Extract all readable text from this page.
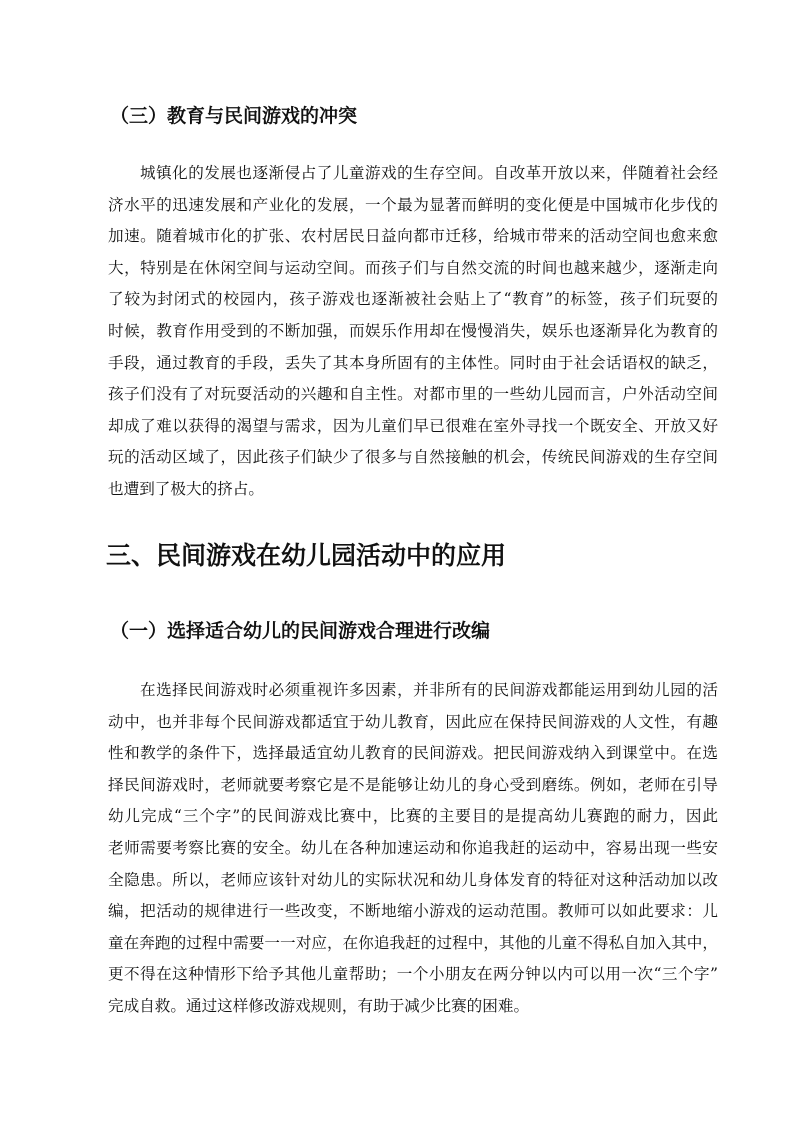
（三）教育与民间游戏的冲突
城镇化的发展也逐渐侵占了儿童游戏的生存空间。自改革开放以来，伴随着社会经
济水平的迅速发展和产业化的发展，一个最为显著而鲜明的变化便是中国城市化步伐的
加速。随着城市化的扩张、农村居民日益向都市迁移，给城市带来的活动空间也愈来愈
大，特别是在休闲空间与运动空间。而孩子们与自然交流的时间也越来越少，逐渐走向
了较为封闭式的校园内，孩子游戏也逐渐被社会贴上了“教育”的标签，孩子们玩耍的
时候，教育作用受到的不断加强，而娱乐作用却在慢慢消失，娱乐也逐渐异化为教育的
手段，通过教育的手段，丢失了其本身所固有的主体性。同时由于社会话语权的缺乏，
孩子们没有了对玩耍活动的兴趣和自主性。对都市里的一些幼儿园而言，户外活动空间
却成了难以获得的渴望与需求，因为儿童们早已很难在室外寻找一个既安全、开放又好
玩的活动区域了，因此孩子们缺少了很多与自然接触的机会，传统民间游戏的生存空间
也遭到了极大的挤占。
三、民间游戏在幼儿园活动中的应用
（一）选择适合幼儿的民间游戏合理进行改编
在选择民间游戏时必须重视许多因素，并非所有的民间游戏都能运用到幼儿园的活
动中，也并非每个民间游戏都适宜于幼儿教育，因此应在保持民间游戏的人文性，有趣
性和教学的条件下，选择最适宜幼儿教育的民间游戏。把民间游戏纳入到课堂中。在选
择民间游戏时，老师就要考察它是不是能够让幼儿的身心受到磨练。例如，老师在引导
幼儿完成“三个字”的民间游戏比赛中，比赛的主要目的是提高幼儿赛跑的耐力，因此
老师需要考察比赛的安全。幼儿在各种加速运动和你追我赶的运动中，容易出现一些安
全隐患。所以，老师应该针对幼儿的实际状况和幼儿身体发育的特征对这种活动加以改
编，把活动的规律进行一些改变，不断地缩小游戏的运动范围。教师可以如此要求：儿
童在奔跑的过程中需要一一对应，在你追我赶的过程中，其他的儿童不得私自加入其中，
更不得在这种情形下给予其他儿童帮助；一个小朋友在两分钟以内可以用一次“三个字”
完成自救。通过这样修改游戏规则，有助于减少比赛的困难。
